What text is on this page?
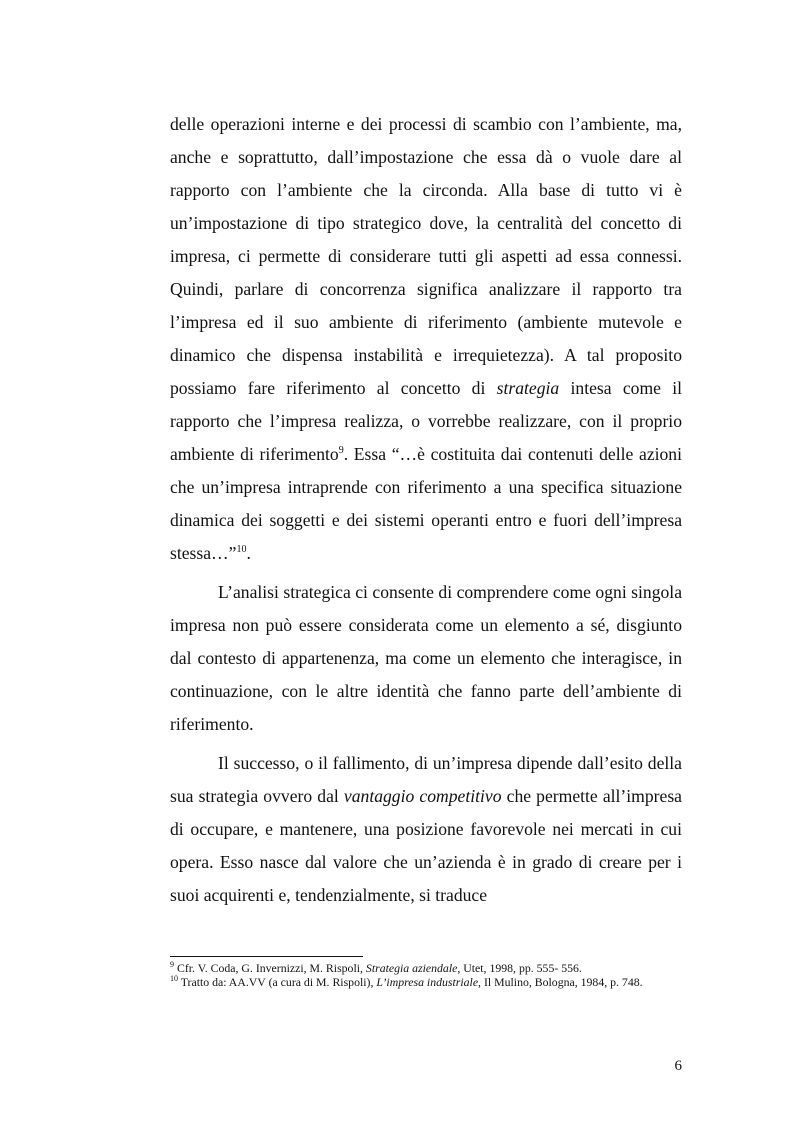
delle operazioni interne e dei processi di scambio con l’ambiente, ma, anche e soprattutto, dall’impostazione che essa dà o vuole dare al rapporto con l’ambiente che la circonda. Alla base di tutto vi è un’impostazione di tipo strategico dove, la centralità del concetto di impresa, ci permette di considerare tutti gli aspetti ad essa connessi. Quindi, parlare di concorrenza significa analizzare il rapporto tra l’impresa ed il suo ambiente di riferimento (ambiente mutevole e dinamico che dispensa instabilità e irrequietezza). A tal proposito possiamo fare riferimento al concetto di strategia intesa come il rapporto che l’impresa realizza, o vorrebbe realizzare, con il proprio ambiente di riferimento$^9$. Essa “…è costituita dai contenuti delle azioni che un’impresa intraprende con riferimento a una specifica situazione dinamica dei soggetti e dei sistemi operanti entro e fuori dell’impresa stessa…”$^{10}$.

L’analisi strategica ci consente di comprendere come ogni singola impresa non può essere considerata come un elemento a sé, disgiunto dal contesto di appartenenza, ma come un elemento che interagisce, in continuazione, con le altre identità che fanno parte dell’ambiente di riferimento.

Il successo, o il fallimento, di un’impresa dipende dall’esito della sua strategia ovvero dal vantaggio competitivo che permette all’impresa di occupare, e mantenere, una posizione favorevole nei mercati in cui opera. Esso nasce dal valore che un’azienda è in grado di creare per i suoi acquirenti e, tendenzialmente, si traduce

$^9$ Cfr. V. Coda, G. Invernizzi, M. Rispoli, Strategia aziendale, Utet, 1998, pp. 555- 556.

$^{10}$ Tratto da: AA.VV (a cura di M. Rispoli), L’impresa industriale, Il Mulino, Bologna, 1984, p. 748.

6
